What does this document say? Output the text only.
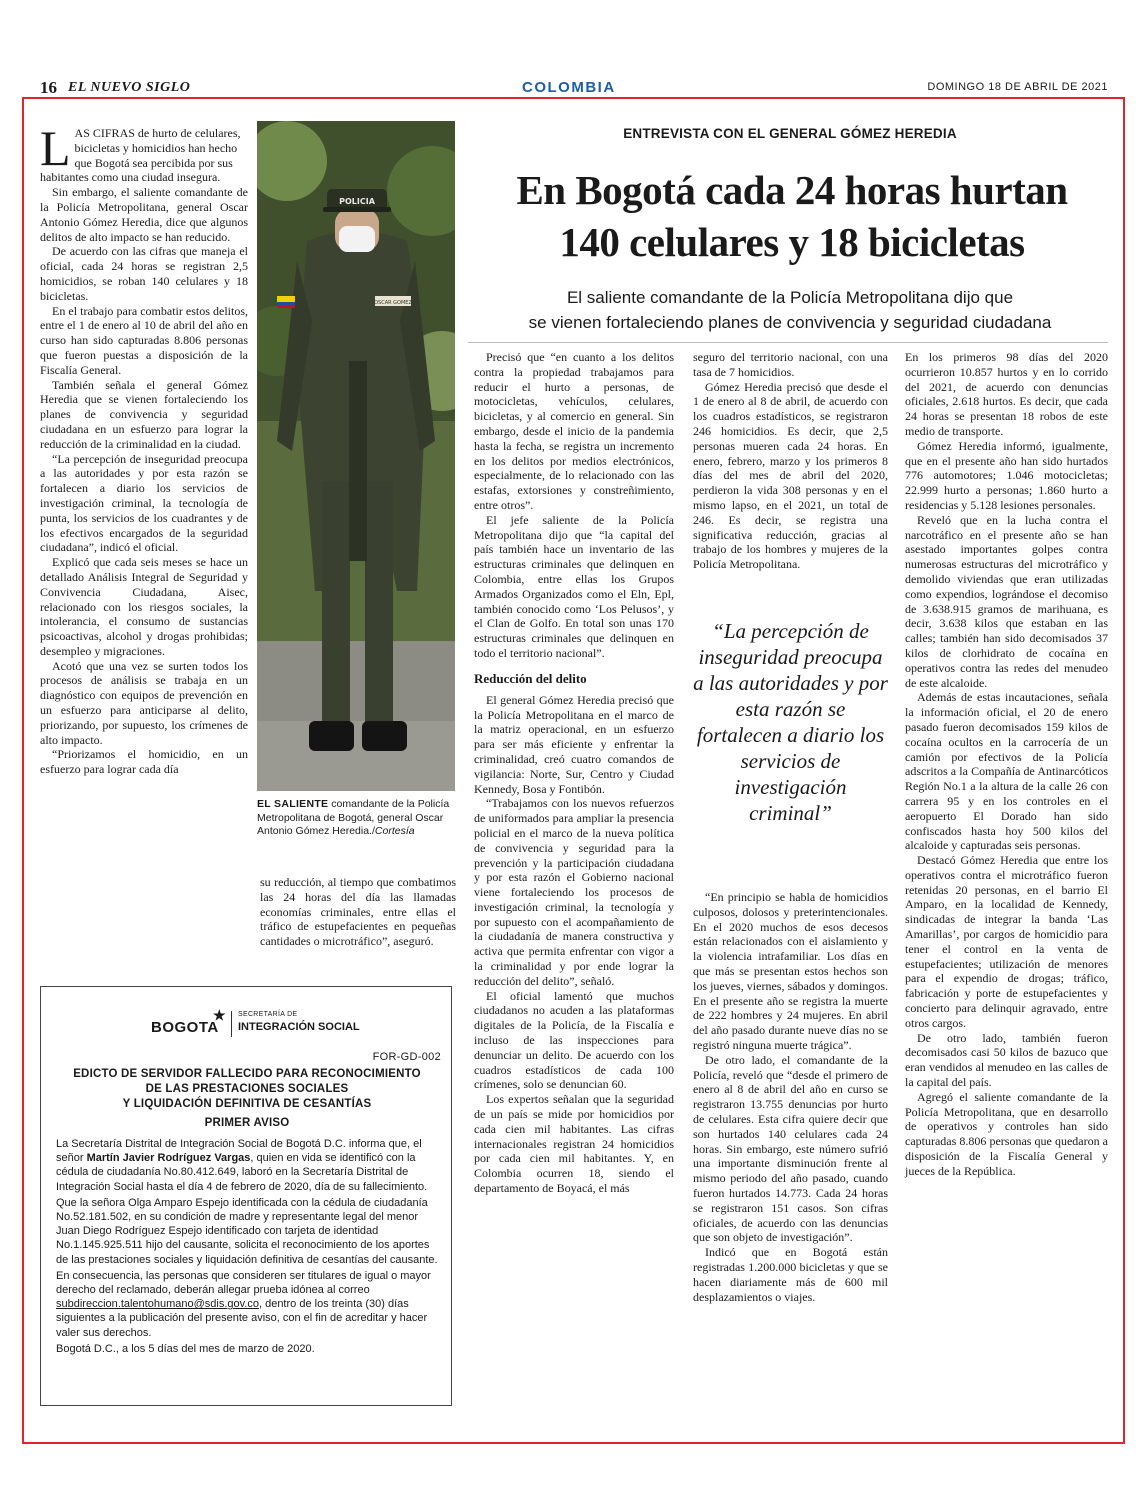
16 EL NUEVO SIGLO	COLOMBIA	DOMINGO 18 DE ABRIL DE 2021
L AS CIFRAS de hurto de celulares, bicicletas y homicidios han hecho que Bogotá sea percibida por sus habitantes como una ciudad insegura.

Sin embargo, el saliente comandante de la Policía Metropolitana, general Oscar Antonio Gómez Heredia, dice que algunos delitos de alto impacto se han reducido.

De acuerdo con las cifras que maneja el oficial, cada 24 horas se registran 2,5 homicidios, se roban 140 celulares y 18 bicicletas.

En el trabajo para combatir estos delitos, entre el 1 de enero al 10 de abril del año en curso han sido capturadas 8.806 personas que fueron puestas a disposición de la Fiscalía General.

También señala el general Gómez Heredia que se vienen fortaleciendo los planes de convivencia y seguridad ciudadana en un esfuerzo para lograr la reducción de la criminalidad en la ciudad.

“La percepción de inseguridad preocupa a las autoridades y por esta razón se fortalecen a diario los servicios de investigación criminal, la tecnología de punta, los servicios de los cuadrantes y de los efectivos encargados de la seguridad ciudadana”, indicó el oficial.

Explicó que cada seis meses se hace un detallado Análisis Integral de Seguridad y Convivencia Ciudadana, Aisec, relacionado con los riesgos sociales, la intolerancia, el consumo de sustancias psicoactivas, alcohol y drogas prohibidas; desempleo y migraciones.

Acotó que una vez se surten todos los procesos de análisis se trabaja en un diagnóstico con equipos de prevención en un esfuerzo para anticiparse al delito, priorizando, por supuesto, los crímenes de alto impacto.

“Priorizamos el homicidio, en un esfuerzo para lograr cada día

POLICIA
OSCAR GOMEZ
EL SALIENTE comandante de la Policía Metropolitana de Bogotá, general Oscar Antonio Gómez Heredia./Cortesía

su reducción, al tiempo que combatimos las 24 horas del día las llamadas economías criminales, entre ellas el tráfico de estupefacientes en pequeñas cantidades o microtráfico”, aseguró.

ENTREVISTA CON EL GENERAL GÓMEZ HEREDIA
En Bogotá cada 24 horas hurtan
140 celulares y 18 bicicletas
El saliente comandante de la Policía Metropolitana dijo que
se vienen fortaleciendo planes de convivencia y seguridad ciudadana

Precisó que “en cuanto a los delitos contra la propiedad trabajamos para reducir el hurto a personas, de motocicletas, vehículos, celulares, bicicletas, y al comercio en general. Sin embargo, desde el inicio de la pandemia hasta la fecha, se registra un incremento en los delitos por medios electrónicos, especialmente, de lo relacionado con las estafas, extorsiones y constreñimiento, entre otros”.

El jefe saliente de la Policía Metropolitana dijo que “la capital del país también hace un inventario de las estructuras criminales que delinquen en Colombia, entre ellas los Grupos Armados Organizados como el Eln, Epl, también conocido como ‘Los Pelusos’, y el Clan de Golfo. En total son unas 170 estructuras criminales que delinquen en todo el territorio nacional”.

Reducción del delito

El general Gómez Heredia precisó que la Policía Metropolitana en el marco de la matriz operacional, en un esfuerzo para ser más eficiente y enfrentar la criminalidad, creó cuatro comandos de vigilancia: Norte, Sur, Centro y Ciudad Kennedy, Bosa y Fontibón.

“Trabajamos con los nuevos refuerzos de uniformados para ampliar la presencia policial en el marco de la nueva política de convivencia y seguridad para la prevención y la participación ciudadana y por esta razón el Gobierno nacional viene fortaleciendo los procesos de investigación criminal, la tecnología y por supuesto con el acompañamiento de la ciudadanía de manera constructiva y activa que permita enfrentar con vigor a la criminalidad y por ende lograr la reducción del delito”, señaló.

El oficial lamentó que muchos ciudadanos no acuden a las plataformas digitales de la Policía, de la Fiscalía e incluso de las inspecciones para denunciar un delito. De acuerdo con los cuadros estadísticos de cada 100 crímenes, solo se denuncian 60.

Los expertos señalan que la seguridad de un país se mide por homicidios por cada cien mil habitantes. Las cifras internacionales registran 24 homicidios por cada cien mil habitantes. Y, en Colombia ocurren 18, siendo el departamento de Boyacá, el más

seguro del territorio nacional, con una tasa de 7 homicidios.

Gómez Heredia precisó que desde el 1 de enero al 8 de abril, de acuerdo con los cuadros estadísticos, se registraron 246 homicidios. Es decir, que 2,5 personas mueren cada 24 horas. En enero, febrero, marzo y los primeros 8 días del mes de abril del 2020, perdieron la vida 308 personas y en el mismo lapso, en el 2021, un total de 246. Es decir, se registra una significativa reducción, gracias al trabajo de los hombres y mujeres de la Policía Metropolitana.

“La percepción de inseguridad preocupa a las autoridades y por esta razón se fortalecen a diario los servicios de investigación criminal”

“En principio se habla de homicidios culposos, dolosos y preterintencionales. En el 2020 muchos de esos decesos están relacionados con el aislamiento y la violencia intrafamiliar. Los días en que más se presentan estos hechos son los jueves, viernes, sábados y domingos. En el presente año se registra la muerte de 222 hombres y 24 mujeres. En abril del año pasado durante nueve días no se registró ninguna muerte trágica”.

De otro lado, el comandante de la Policía, reveló que “desde el primero de enero al 8 de abril del año en curso se registraron 13.755 denuncias por hurto de celulares. Esta cifra quiere decir que son hurtados 140 celulares cada 24 horas. Sin embargo, este número sufrió una importante disminución frente al mismo periodo del año pasado, cuando fueron hurtados 14.773. Cada 24 horas se registraron 151 casos. Son cifras oficiales, de acuerdo con las denuncias que son objeto de investigación”.

Indicó que en Bogotá están registradas 1.200.000 bicicletas y que se hacen diariamente más de 600 mil desplazamientos o viajes.

En los primeros 98 días del 2020 ocurrieron 10.857 hurtos y en lo corrido del 2021, de acuerdo con denuncias oficiales, 2.618 hurtos. Es decir, que cada 24 horas se presentan 18 robos de este medio de transporte.

Gómez Heredia informó, igualmente, que en el presente año han sido hurtados 776 automotores; 1.046 motocicletas; 22.999 hurto a personas; 1.860 hurto a residencias y 5.128 lesiones personales.

Reveló que en la lucha contra el narcotráfico en el presente año se han asestado importantes golpes contra numerosas estructuras del microtráfico y demolido viviendas que eran utilizadas como expendios, lográndose el decomiso de 3.638.915 gramos de marihuana, es decir, 3.638 kilos que estaban en las calles; también han sido decomisados 37 kilos de clorhidrato de cocaína en operativos contra las redes del menudeo de este alcaloide.

Además de estas incautaciones, señala la información oficial, el 20 de enero pasado fueron decomisados 159 kilos de cocaína ocultos en la carrocería de un camión por efectivos de la Policía adscritos a la Compañía de Antinarcóticos Región No.1 a la altura de la calle 26 con carrera 95 y en los controles en el aeropuerto El Dorado han sido confiscados hasta hoy 500 kilos del alcaloide y capturadas seis personas.

Destacó Gómez Heredia que entre los operativos contra el microtráfico fueron retenidas 20 personas, en el barrio El Amparo, en la localidad de Kennedy, sindicadas de integrar la banda ‘Las Amarillas’, por cargos de homicidio para tener el control en la venta de estupefacientes; utilización de menores para el expendio de drogas; tráfico, fabricación y porte de estupefacientes y concierto para delinquir agravado, entre otros cargos.

De otro lado, también fueron decomisados casi 50 kilos de bazuco que eran vendidos al menudeo en las calles de la capital del país.

Agregó el saliente comandante de la Policía Metropolitana, que en desarrollo de operativos y controles han sido capturadas 8.806 personas que quedaron a disposición de la Fiscalía General y jueces de la República.

BOGOTA
★ SECRETARÍA DE
INTEGRACIÓN SOCIAL
FOR-GD-002
EDICTO DE SERVIDOR FALLECIDO PARA RECONOCIMIENTO
DE LAS PRESTACIONES SOCIALES
Y LIQUIDACIÓN DEFINITIVA DE CESANTÍAS
PRIMER AVISO

La Secretaría Distrital de Integración Social de Bogotá D.C. informa que, el señor Martín Javier Rodríguez Vargas, quien en vida se identificó con la cédula de ciudadanía No.80.412.649, laboró en la Secretaría Distrital de Integración Social hasta el día 4 de febrero de 2020, día de su fallecimiento.

Que la señora Olga Amparo Espejo identificada con la cédula de ciudadanía No.52.181.502, en su condición de madre y representante legal del menor Juan Diego Rodríguez Espejo identificado con tarjeta de identidad No.1.145.925.511 hijo del causante, solicita el reconocimiento de los aportes de las prestaciones sociales y liquidación definitiva de cesantías del causante.

En consecuencia, las personas que consideren ser titulares de igual o mayor derecho del reclamado, deberán allegar prueba idónea al correo subdireccion.talentohumano@sdis.gov.co, dentro de los treinta (30) días siguientes a la publicación del presente aviso, con el fin de acreditar y hacer valer sus derechos.

Bogotá D.C., a los 5 días del mes de marzo de 2020.
